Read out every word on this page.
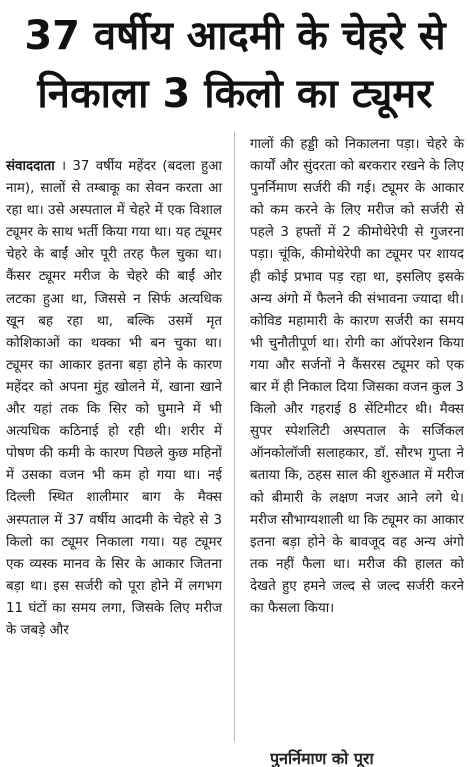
37 वर्षीय आदमी के चेहरे से
निकाला 3 किलो का ट्यूमर
संवाददाता । 37 वर्षीय महेंदर (बदला हुआ नाम), सालों से तम्बाकू का सेवन करता आ रहा था। उसे अस्पताल में चेहरे में एक विशाल ट्यूमर के साथ भर्ती किया गया था। यह ट्यूमर चेहरे के बाईं ओर पूरी तरह फैल चुका था। कैंसर ट्यूमर मरीज के चेहरे की बाईं ओर लटका हुआ था, जिससे न सिर्फ अत्यधिक खून बह रहा था, बल्कि उसमें मृत कोशिकाओं का थक्का भी बन चुका था। ट्यूमर का आकार इतना बड़ा होने के कारण महेंदर को अपना मुंह खोलने में, खाना खाने और यहां तक कि सिर को घुमाने में भी अत्यधिक कठिनाई हो रही थी। शरीर में पोषण की कमी के कारण पिछले कुछ महिनों में उसका वजन भी कम हो गया था। नई दिल्ली स्थित शालीमार बाग के मैक्स अस्पताल में 37 वर्षीय आदमी के चेहरे से 3 किलो का ट्यूमर निकाला गया। यह ट्यूमर एक व्यस्क मानव के सिर के आकार जितना बड़ा था। इस सर्जरी को पूरा होने में लगभग 11 घंटों का समय लगा, जिसके लिए मरीज के जबड़े और
गालों की हड्डी को निकालना पड़ा। चेहरे के कार्यों और सुंदरता को बरकरार रखने के लिए पुनर्निमाण सर्जरी की गई। ट्यूमर के आकार को कम करने के लिए मरीज को सर्जरी से पहले 3 हफ्तों में 2 कीमोथेरेपी से गुजरना पड़ा। चूंकि, कीमोथेरेपी का ट्यूमर पर शायद ही कोई प्रभाव पड़ रहा था, इसलिए इसके अन्य अंगो में फैलने की संभावना ज्यादा थी। कोविड महामारी के कारण सर्जरी का समय भी चुनौतीपूर्ण था। रोगी का ऑपरेशन किया गया और सर्जनों ने कैंसरस ट्यूमर को एक बार में ही निकाल दिया जिसका वजन कुल 3 किलो और गहराई 8 सेंटिमीटर थी। मैक्स सुपर स्पेशलिटी अस्पताल के सर्जिकल ऑनकोलॉजी सलाहकार, डॉ. सौरभ गुप्ता ने बताया कि, ठहस साल की शुरुआत में मरीज को बीमारी के लक्षण नजर आने लगे थे। मरीज सौभाग्यशाली था कि ट्यूमर का आकार इतना बड़ा होने के बावजूद वह अन्य अंगो तक नहीं फैला था। मरीज की हालत को देखते हुए हमने जल्द से जल्द सर्जरी करने का फैसला किया।
पुनर्निमाण को पूरा
